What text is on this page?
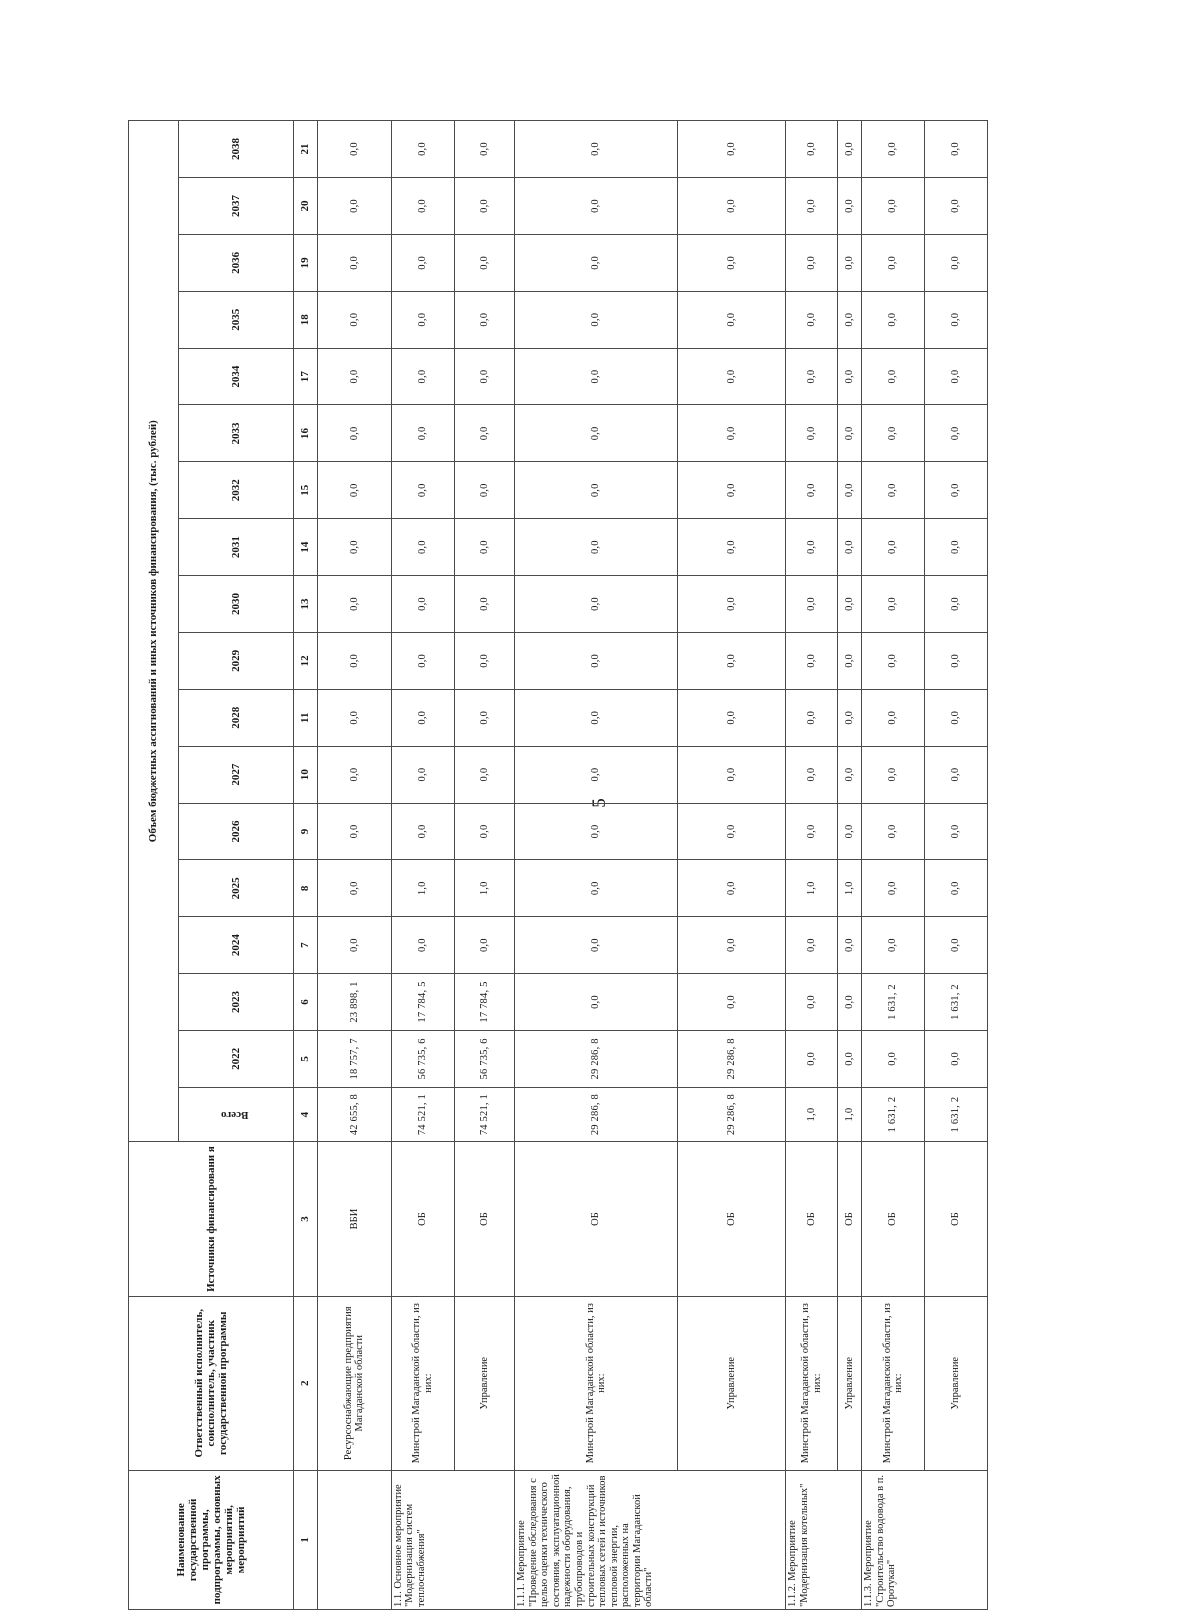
5
Наименование государственной программы, подпрограммы, основных мероприятий, мероприятий	Ответственный исполнитель, соисполнитель, участник государственной программы	Источники финансировани я	Объем бюджетных ассигнований и иных источников финансирования, (тыс. рублей)																	
			Всего	2022	2023	2024	2025	2026	2027	2028	2029	2030	2031	2032	2033	2034	2035	2036	2037	2038

1	2	3	4	5	6	7	8	9	10	11	12	13	14	15	16	17	18	19	20	21
	Ресурсоснабжающие предприятия Магаданской области	ВБИ	42 655, 8	18 757, 7	23 898, 1	0,0	0,0	0,0	0,0	0,0	0,0	0,0	0,0	0,0	0,0	0,0	0,0	0,0	0,0	0,0
1.1. Основное мероприятие "Модернизация систем теплоснабжения"	Минстрой Магаданской области, из них:	ОБ	74 521, 1	56 735, 6	17 784, 5	0,0	1,0	0,0	0,0	0,0	0,0	0,0	0,0	0,0	0,0	0,0	0,0	0,0	0,0	0,0
	Управление	ОБ	74 521, 1	56 735, 6	17 784, 5	0,0	1,0	0,0	0,0	0,0	0,0	0,0	0,0	0,0	0,0	0,0	0,0	0,0	0,0	0,0
1.1.1. Мероприятие "Проведение обследования с целью оценки технического состояния, эксплуатационной надежности оборудования, трубопроводов и строительных конструкций тепловых сетей и источников тепловой энергии, расположенных на территории Магаданской области"	Минстрой Магаданской области, из них:	ОБ	29 286, 8	29 286, 8	0,0	0,0	0,0	0,0	0,0	0,0	0,0	0,0	0,0	0,0	0,0	0,0	0,0	0,0	0,0	0,0
	Управление	ОБ	29 286, 8	29 286, 8	0,0	0,0	0,0	0,0	0,0	0,0	0,0	0,0	0,0	0,0	0,0	0,0	0,0	0,0	0,0	0,0
1.1.2. Мероприятие "Модернизация котельных"	Минстрой Магаданской области, из них:	ОБ	1,0	0,0	0,0	0,0	1,0	0,0	0,0	0,0	0,0	0,0	0,0	0,0	0,0	0,0	0,0	0,0	0,0	0,0
	Управление	ОБ	1,0	0,0	0,0	0,0	1,0	0,0	0,0	0,0	0,0	0,0	0,0	0,0	0,0	0,0	0,0	0,0	0,0	0,0
1.1.3. Мероприятие "Строительство водовода в п. Оротукан"	Минстрой Магаданской области, из них:	ОБ	1 631, 2	0,0	1 631, 2	0,0	0,0	0,0	0,0	0,0	0,0	0,0	0,0	0,0	0,0	0,0	0,0	0,0	0,0	0,0
	Управление	ОБ	1 631, 2	0,0	1 631, 2	0,0	0,0	0,0	0,0	0,0	0,0	0,0	0,0	0,0	0,0	0,0	0,0	0,0	0,0	0,0
